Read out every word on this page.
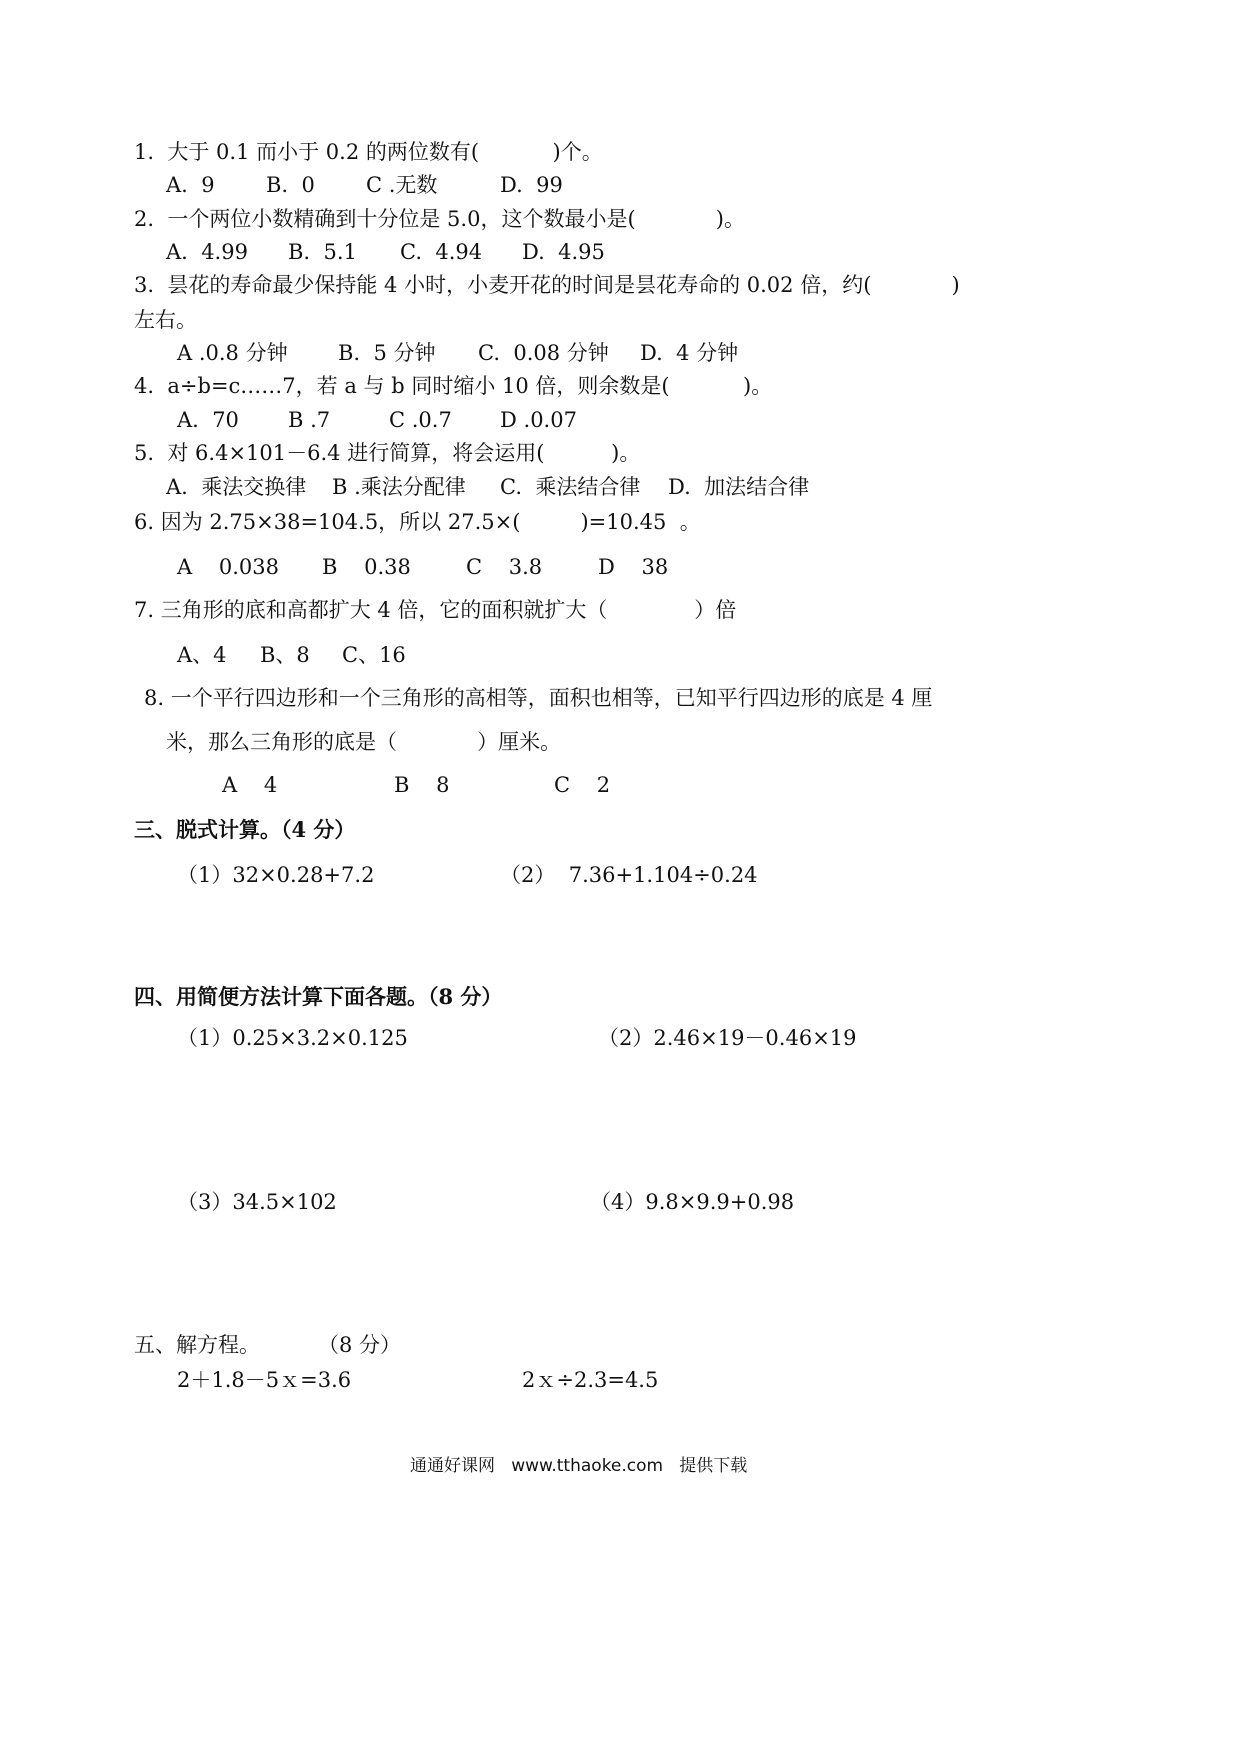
1.  大于 0.1 而小于 0.2 的两位数有(           )个。
A.  9 B.  0 C .无数	D.  99
2.  一个两位小数精确到十分位是 5.0，这个数最小是(            )。
A.  4.99 B.  5.1 C.  4.94 D.  4.95
3.  昙花的寿命最少保持能 4 小时，小麦开花的时间是昙花寿命的 0.02 倍，约(            )
左右。
A .0.8 分钟 B.  5 分钟 C.  0.08 分钟 D.  4 分钟
4.  a÷b=c……7，若 a 与 b 同时缩小 10 倍，则余数是(           )。
A.  70 B .7	C .0.7 D .0.07
5.  对 6.4×101－6.4 进行简算，将会运用(          )。
A.  乘法交换律 B .乘法分配律 C.  乘法结合律 D.  加法结合律
6. 因为 2.75×38=104.5，所以 27.5×(         )=10.45  。
A    0.038 B    0.38	C    3.8	D    38
7. 三角形的底和高都扩大 4 倍，它的面积就扩大（             ）倍
A、4 B、8 C、16
8. 一个平行四边形和一个三角形的高相等，面积也相等，已知平行四边形的底是 4 厘
米，那么三角形的底是（            ）厘米。
A    4	B    8	C    2
三、脱式计算。（4 分）
（1）32×0.28+7.2	（2）  7.36+1.104÷0.24
四、用简便方法计算下面各题。（8 分）
（1）0.25×3.2×0.125	（2）2.46×19－0.46×19
（3）34.5×102	（4）9.8×9.9+0.98
五、解方程。	（8 分）
2＋1.8－5ｘ=3.6	2ｘ÷2.3=4.5
通通好课网   www.tthaoke.com   提供下载
